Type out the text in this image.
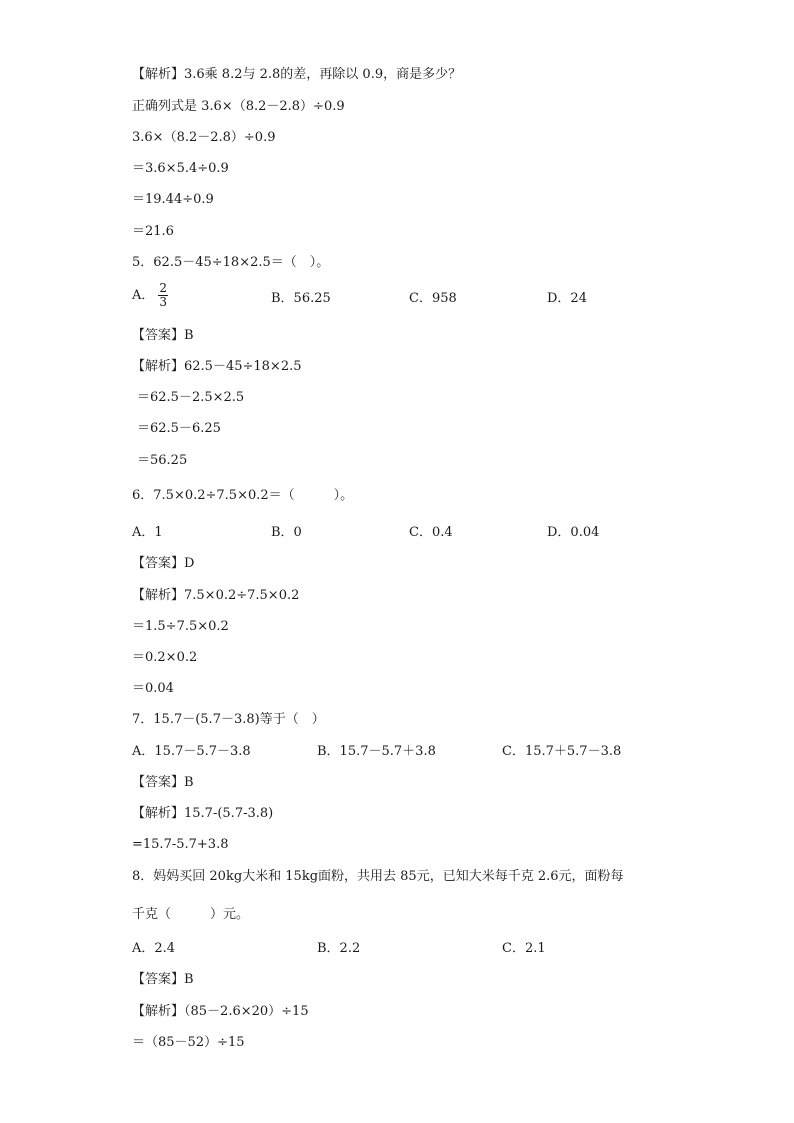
【解析】3.6乘 8.2与 2.8的差，再除以 0.9，商是多少？
正确列式是 3.6×（8.2－2.8）÷0.9
3.6×（8.2－2.8）÷0.9
＝3.6×5.4÷0.9
＝19.44÷0.9
＝21.6
5．62.5－45÷18×2.5＝（　）。
A． $\frac{2}{3}$	B．56.25	C．958	D．24
【答案】B
【解析】62.5－45÷18×2.5
＝62.5－2.5×2.5
＝62.5－6.25
＝56.25
6．7.5×0.2÷7.5×0.2＝（　　　）。
A．1	B．0	C．0.4	D．0.04
【答案】D
【解析】7.5×0.2÷7.5×0.2
＝1.5÷7.5×0.2
＝0.2×0.2
＝0.04
7．15.7－(5.7－3.8)等于（　）
A．15.7－5.7－3.8	B．15.7－5.7＋3.8	C．15.7＋5.7－3.8
【答案】B
【解析】15.7-(5.7-3.8)
=15.7-5.7+3.8
8．妈妈买回 20kg大米和 15kg面粉，共用去 85元，已知大米每千克 2.6元，面粉每
千克（　　　）元。
A．2.4	B．2.2	C．2.1
【答案】B
【解析】（85－2.6×20）÷15
＝（85－52）÷15
